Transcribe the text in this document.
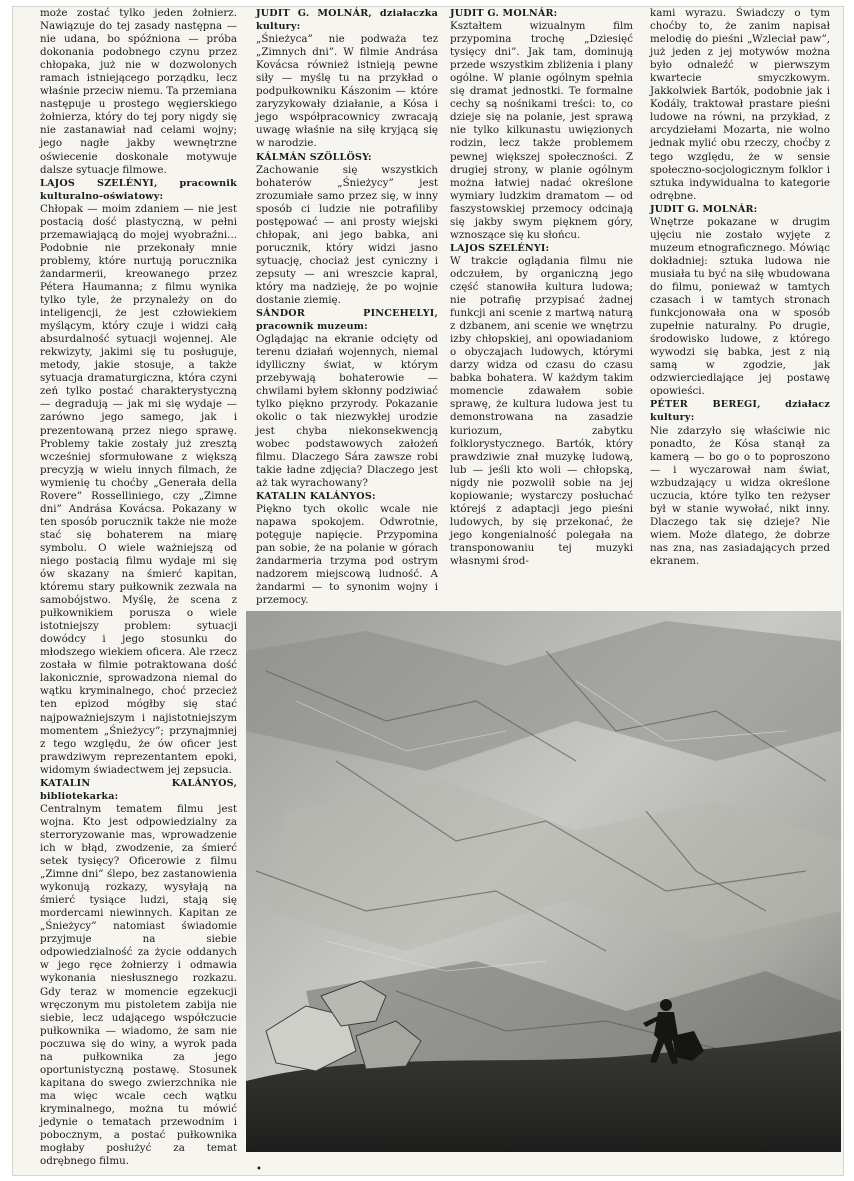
może zostać tylko jeden żołnierz. Nawiązuje do tej zasady następna — nie udana, bo spóźniona — próba dokonania podobnego czynu przez chłopaka, już nie w dozwolonych ramach istniejącego porządku, lecz właśnie przeciw niemu. Ta przemiana następuje u prostego węgierskiego żołnierza, który do tej pory nigdy się nie zastanawiał nad celami wojny; jego nagłe jakby wewnętrzne oświecenie doskonale motywuje dalsze sytuacje filmowe.

LAJOS SZELÉNYI, pracownik kulturalno-oświatowy:
Chłopak — moim zdaniem — nie jest postacią dość plastyczną, w pełni przemawiającą do mojej wyobraźni... Podobnie nie przekonały mnie problemy, które nurtują porucznika żandarmerii, kreowanego przez Pétera Haumanna; z filmu wynika tylko tyle, że przynależy on do inteligencji, że jest człowiekiem myślącym, który czuje i widzi całą absurdalność sytuacji wojennej. Ale rekwizyty, jakimi się tu posługuje, metody, jakie stosuje, a także sytuacja dramaturgiczna, która czyni zeń tylko postać charakterystyczną — degradują — jak mi się wydaje — zarówno jego samego, jak i prezentowaną przez niego sprawę. Problemy takie zostały już zresztą wcześniej sformułowane z większą precyzją w wielu innych filmach, że wymienię tu choćby „Generała della Rovere” Rosselliniego, czy „Zimne dni” Andrása Kovácsa. Pokazany w ten sposób porucznik także nie może stać się bohaterem na miarę symbolu. O wiele ważniejszą od niego postacią filmu wydaje mi się ów skazany na śmierć kapitan, któremu stary pułkownik zezwala na samobójstwo. Myślę, że scena z pułkownikiem porusza o wiele istotniejszy problem: sytuacji dowódcy i jego stosunku do młodszego wiekiem oficera. Ale rzecz została w filmie potraktowana dość lakonicznie, sprowadzona niemal do wątku kryminalnego, choć przecież ten epizod mógłby się stać najpoważniejszym i najistotniejszym momentem „Śnieżycy”; przynajmniej z tego względu, że ów oficer jest prawdziwym reprezentantem epoki, widomym świadectwem jej zepsucia.

KATALIN KALÁNYOS, bibliotekarka:
Centralnym tematem filmu jest wojna. Kto jest odpowiedzialny za sterroryzowanie mas, wprowadzenie ich w błąd, zwodzenie, za śmierć setek tysięcy? Oficerowie z filmu „Zimne dni” ślepo, bez zastanowienia wykonują rozkazy, wysyłają na śmierć tysiące ludzi, stają się mordercami niewinnych. Kapitan ze „Śnieżycy” natomiast świadomie przyjmuje na siebie odpowiedzialność za życie oddanych w jego ręce żołnierzy i odmawia wykonania niesłusznego rozkazu. Gdy teraz w momencie egzekucji wręczonym mu pistoletem zabija nie siebie, lecz udającego współczucie pułkownika — wiadomo, że sam nie poczuwa się do winy, a wyrok pada na pułkownika za jego oportunistyczną postawę. Stosunek kapitana do swego zwierzchnika nie ma więc wcale cech wątku kryminalnego, można tu mówić jedynie o tematach przewodnim i pobocznym, a postać pułkownika mogłaby posłużyć za temat odrębnego filmu.

JUDIT G. MOLNÁR, działaczka kultury:
„Śnieżyca” nie podważa tez „Zimnych dni”. W filmie Andrása Kovácsa również istnieją pewne siły — myślę tu na przykład o podpułkowniku Kászonim — które zaryzykowały działanie, a Kósa i jego współpracownicy zwracają uwagę właśnie na siłę kryjącą się w narodzie.

KÁLMÁN SZÖLLÖSY:
Zachowanie się wszystkich bohaterów „Śnieżycy” jest zrozumiałe samo przez się, w inny sposób ci ludzie nie potrafiliby postępować — ani prosty wiejski chłopak, ani jego babka, ani porucznik, który widzi jasno sytuację, chociaż jest cyniczny i zepsuty — ani wreszcie kapral, który ma nadzieję, że po wojnie dostanie ziemię.

SÁNDOR PINCEHELYI, pracownik muzeum:
Oglądając na ekranie odcięty od terenu działań wojennych, niemal idylliczny świat, w którym przebywają bohaterowie — chwilami byłem skłonny podziwiać tylko piękno przyrody. Pokazanie okolic o tak niezwykłej urodzie jest chyba niekonsekwencją wobec podstawowych założeń filmu. Dlaczego Sára zawsze robi takie ładne zdjęcia? Dlaczego jest aż tak wyrachowany?

KATALIN KALÁNYOS:
Piękno tych okolic wcale nie napawa spokojem. Odwrotnie, potęguje napięcie. Przypomina pan sobie, że na polanie w górach żandarmeria trzyma pod ostrym nadzorem miejscową ludność. A żandarmi — to synonim wojny i przemocy.

JUDIT G. MOLNÁR:
Kształtem wizualnym film przypomina trochę „Dziesięć tysięcy dni”. Jak tam, dominują przede wszystkim zbliżenia i plany ogólne. W planie ogólnym spełnia się dramat jednostki. Te formalne cechy są nośnikami treści: to, co dzieje się na polanie, jest sprawą nie tylko kilkunastu uwięzionych rodzin, lecz także problemem pewnej większej społeczności. Z drugiej strony, w planie ogólnym można łatwiej nadać określone wymiary ludzkim dramatom — od faszystowskiej przemocy odcinają się jakby swym pięknem góry, wznoszące się ku słońcu.

LAJOS SZELÉNYI:
W trakcie oglądania filmu nie odczułem, by organiczną jego część stanowiła kultura ludowa; nie potrafię przypisać żadnej funkcji ani scenie z martwą naturą z dzbanem, ani scenie we wnętrzu izby chłopskiej, ani opowiadaniom o obyczajach ludowych, którymi darzy widza od czasu do czasu babka bohatera. W każdym takim momencie zdawałem sobie sprawę, że kultura ludowa jest tu demonstrowana na zasadzie kuriozum, zabytku folklorystycznego. Bartók, który prawdziwie znał muzykę ludową, lub — jeśli kto woli — chłopską, nigdy nie pozwolił sobie na jej kopiowanie; wystarczy posłuchać którejś z adaptacji jego pieśni ludowych, by się przekonać, że jego kongenialność polegała na transponowaniu tej muzyki własnymi środ-

kami wyrazu. Świadczy o tym choćby to, że zanim napisał melodię do pieśni „Wzleciał paw”, już jeden z jej motywów można było odnaleźć w pierwszym kwartecie smyczkowym. Jakkolwiek Bartók, podobnie jak i Kodály, traktował prastare pieśni ludowe na równi, na przykład, z arcydziełami Mozarta, nie wolno jednak mylić obu rzeczy, choćby z tego względu, że w sensie społeczno-socjologicznym folklor i sztuka indywidualna to kategorie odrębne.

JUDIT G. MOLNÁR:
Wnętrze pokazane w drugim ujęciu nie zostało wyjęte z muzeum etnograficznego. Mówiąc dokładniej: sztuka ludowa nie musiała tu być na siłę wbudowana do filmu, ponieważ w tamtych czasach i w tamtych stronach funkcjonowała ona w sposób zupełnie naturalny. Po drugie, środowisko ludowe, z którego wywodzi się babka, jest z nią samą w zgodzie, jak odzwierciedlające jej postawę opowieści.

PÉTER BEREGI, działacz kultury:
Nie zdarzyło się właściwie nic ponadto, że Kósa stanął za kamerą — bo go o to poproszono — i wyczarował nam świat, wzbudzający u widza określone uczucia, które tylko ten reżyser był w stanie wywołać, nikt inny. Dlaczego tak się dzieje? Nie wiem. Może dlatego, że dobrze nas zna, nas zasiadających przed ekranem.

•
